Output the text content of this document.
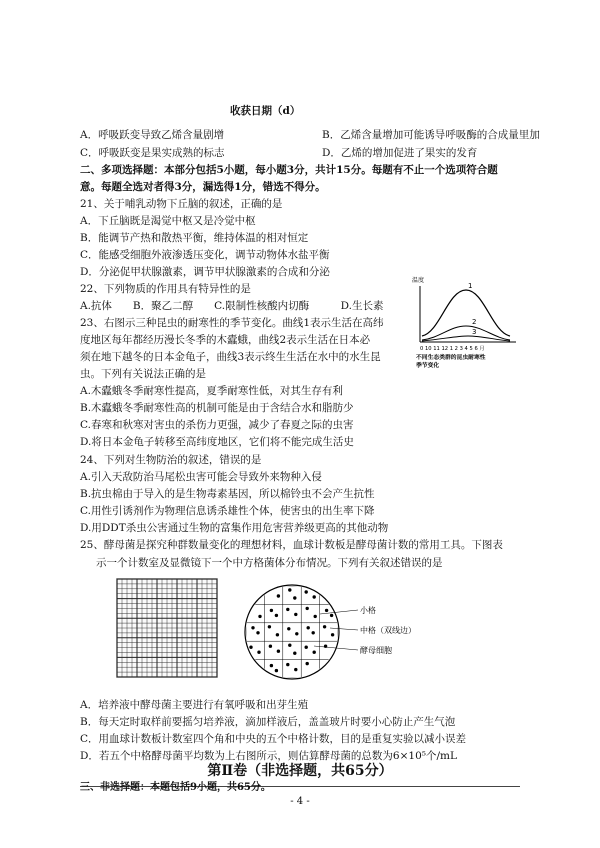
收获日期（d）
A．呼吸跃变导致乙烯含量剧增	B．乙烯含量增加可能诱导呼吸酶的合成量里加
C．呼吸跃变是果实成熟的标志	D．乙烯的增加促进了果实的发育
二、多项选择题：本部分包括5小题，每小题3分，共计15分。每题有不止一个选项符合题
意。每题全选对者得3分，漏选得1分，错选不得分。
21、关于哺乳动物下丘脑的叙述，正确的是
A．下丘脑既是渴觉中枢又是冷觉中枢
B．能调节产热和散热平衡，维持体温的相对恒定
C．能感受细胞外液渗透压变化，调节动物体水盐平衡
D．分泌促甲状腺激素，调节甲状腺激素的合成和分泌
22、下列物质的作用具有特异性的是
A.抗体　　B．聚乙二醇　　C.限制性核酸内切酶　　　D.生长素
23、右图示三种昆虫的耐寒性的季节变化。曲线1表示生活在高纬
度地区每年都经历漫长冬季的木蠹蛾，曲线2表示生活在日本必
须在地下越冬的日本金龟子，曲线3表示终生生活在水中的水生昆
虫。下列有关说法正确的是
A.木蠹蛾冬季耐寒性提高，夏季耐寒性低，对其生存有利
B.木蠹蛾冬季耐寒性高的机制可能是由于含结合水和脂肪少
C.春寒和秋寒对害虫的杀伤力更强，减少了春夏之际的虫害
D.将日本金龟子转移至高纬度地区，它们将不能完成生活史
温度
1
2
3
0 10 11 12 1 2 3 4 5 6 月
不同生态类群的昆虫耐寒性
季节变化
24、下列对生物防治的叙述，错误的是
A.引入天敌防治马尾松虫害可能会导致外来物种入侵
B.抗虫棉由于导入的是生物毒素基因，所以棉铃虫不会产生抗性
C.用性引诱剂作为物理信息诱杀雄性个体，使害虫的出生率下降
D.用DDT杀虫公害通过生物的富集作用危害营养级更高的其他动物
25、酵母菌是探究种群数量变化的理想材料，血球计数板是酵母菌计数的常用工具。下图表
示一个计数室及显微镜下一个中方格菌体分布情况。下列有关叙述错误的是
小格
中格（双线边）
酵母细胞
A．培养液中酵母菌主要进行有氧呼吸和出芽生殖
B．每天定时取样前要摇匀培养液，滴加样液后，盖盖玻片时要小心防止产生气泡
C．用血球计数板计数室四个角和中央的五个中格计数，目的是重复实验以减小误差
D．若五个中格酵母菌平均数为上右图所示，则估算酵母菌的总数为6×10⁵个/mL
第Ⅱ卷（非选择题，共65分）
- 4 -
三、非选择题：本题包括9小题，共65分。
